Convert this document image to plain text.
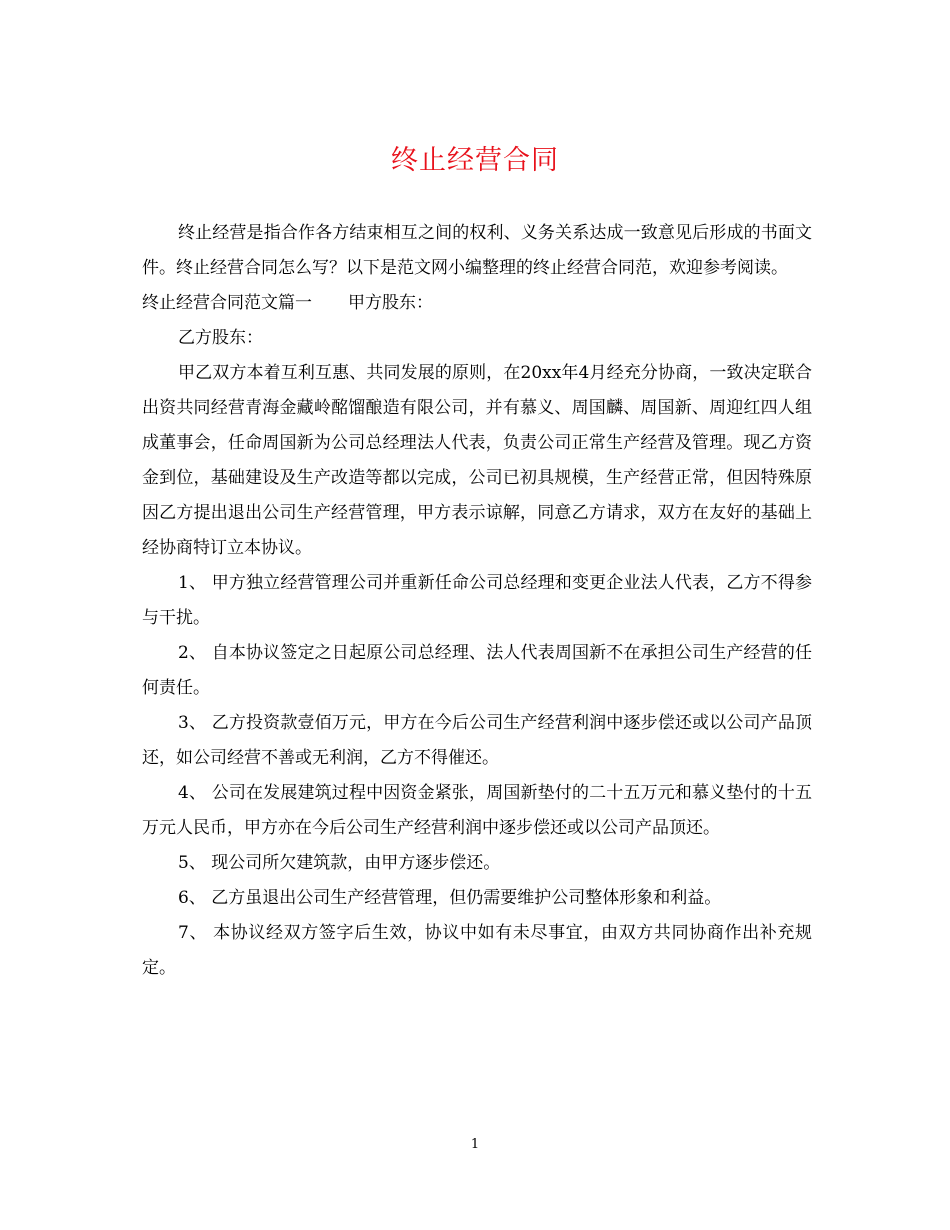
终止经营合同

终止经营是指合作各方结束相互之间的权利、义务关系达成一致意见后形成的书面文件。终止经营合同怎么写？以下是范文网小编整理的终止经营合同范，欢迎参考阅读。

终止经营合同范文篇一 甲方股东：

乙方股东：

甲乙双方本着互利互惠、共同发展的原则，在20xx年4月经充分协商，一致决定联合出资共同经营青海金藏岭酩馏酿造有限公司，并有慕义、周国麟、周国新、周迎红四人组成董事会，任命周国新为公司总经理法人代表，负责公司正常生产经营及管理。现乙方资金到位，基础建设及生产改造等都以完成，公司已初具规模，生产经营正常，但因特殊原因乙方提出退出公司生产经营管理，甲方表示谅解，同意乙方请求，双方在友好的基础上经协商特订立本协议。

1、 甲方独立经营管理公司并重新任命公司总经理和变更企业法人代表，乙方不得参与干扰。

2、 自本协议签定之日起原公司总经理、法人代表周国新不在承担公司生产经营的任何责任。

3、 乙方投资款壹佰万元，甲方在今后公司生产经营利润中逐步偿还或以公司产品顶还，如公司经营不善或无利润，乙方不得催还。

4、 公司在发展建筑过程中因资金紧张，周国新垫付的二十五万元和慕义垫付的十五万元人民币，甲方亦在今后公司生产经营利润中逐步偿还或以公司产品顶还。

5、 现公司所欠建筑款，由甲方逐步偿还。

6、 乙方虽退出公司生产经营管理，但仍需要维护公司整体形象和利益。

7、 本协议经双方签字后生效，协议中如有未尽事宜，由双方共同协商作出补充规定。

1
